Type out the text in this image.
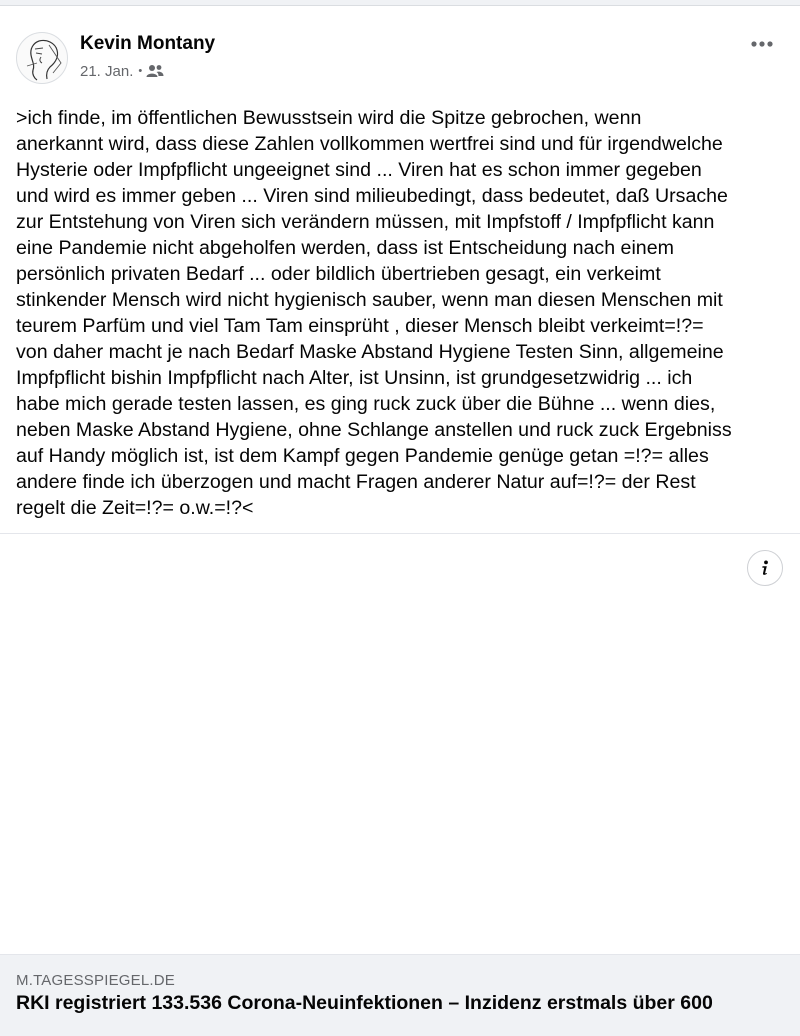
Kevin Montany
21. Jan. •

>ich finde, im öffentlichen Bewusstsein wird die Spitze gebrochen, wenn
anerkannt wird, dass diese Zahlen vollkommen wertfrei sind und für irgendwelche
Hysterie oder Impfpflicht ungeeignet sind ... Viren hat es schon immer gegeben
und wird es immer geben ... Viren sind milieubedingt, dass bedeutet, daß Ursache
zur Entstehung von Viren sich verändern müssen, mit Impfstoff / Impfpflicht kann
eine Pandemie nicht abgeholfen werden, dass ist Entscheidung nach einem
persönlich privaten Bedarf ... oder bildlich übertrieben gesagt, ein verkeimt
stinkender Mensch wird nicht hygienisch sauber, wenn man diesen Menschen mit
teurem Parfüm und viel Tam Tam einsprüht , dieser Mensch bleibt verkeimt=!?=
von daher macht je nach Bedarf Maske Abstand Hygiene Testen Sinn, allgemeine
Impfpflicht bishin Impfpflicht nach Alter, ist Unsinn, ist grundgesetzwidrig ... ich
habe mich gerade testen lassen, es ging ruck zuck über die Bühne ... wenn dies,
neben Maske Abstand Hygiene, ohne Schlange anstellen und ruck zuck Ergebniss
auf Handy möglich ist, ist dem Kampf gegen Pandemie genüge getan =!?= alles
andere finde ich überzogen und macht Fragen anderer Natur auf=!?= der Rest
regelt die Zeit=!?= o.w.=!?<

M.TAGESSPIEGEL.DE
RKI registriert 133.536 Corona-Neuinfektionen – Inzidenz erstmals über 600
